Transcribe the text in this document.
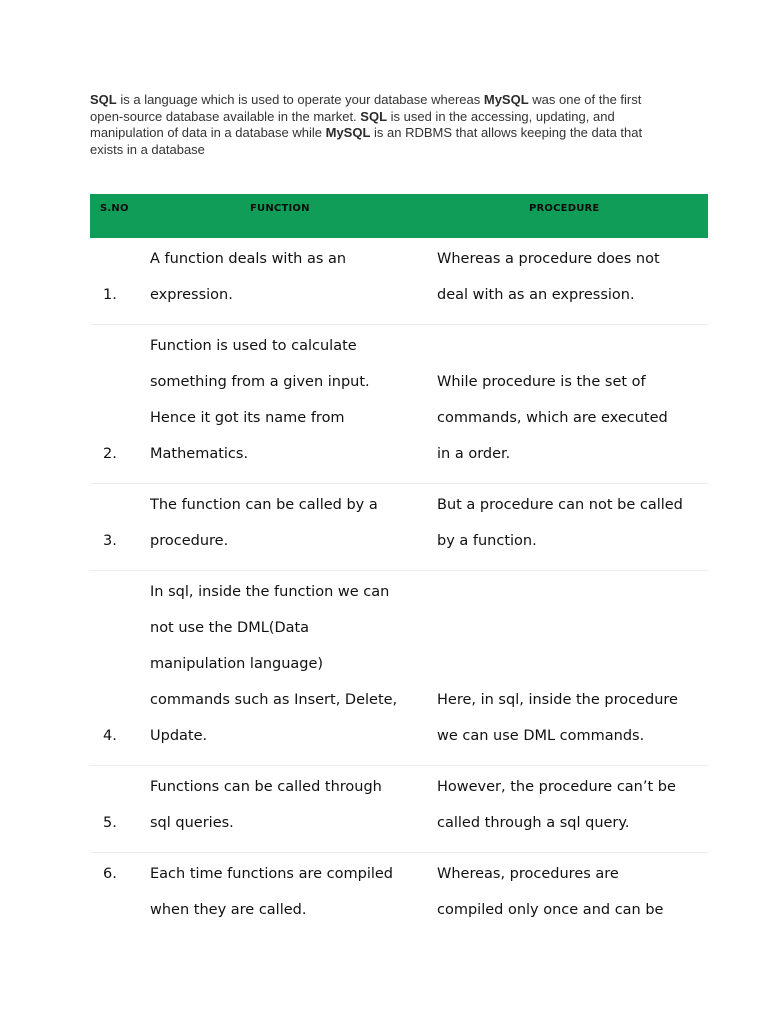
SQL is a language which is used to operate your database whereas MySQL was one of the first
open-source database available in the market. SQL is used in the accessing, updating, and
manipulation of data in a database while MySQL is an RDBMS that allows keeping the data that
exists in a database
S.NO	FUNCTION	PROCEDURE
1.
A function deals with as an
expression.
Whereas a procedure does not
deal with as an expression.
2.
Function is used to calculate
something from a given input.
Hence it got its name from
Mathematics.
While procedure is the set of
commands, which are executed
in a order.
3.
The function can be called by a
procedure.
But a procedure can not be called
by a function.
4.
In sql, inside the function we can
not use the DML(Data
manipulation language)
commands such as Insert, Delete,
Update.
Here, in sql, inside the procedure
we can use DML commands.
5.
Functions can be called through
sql queries.
However, the procedure can’t be
called through a sql query.
6. Each time functions are compiled
when they are called.
Whereas, procedures are
compiled only once and can be
